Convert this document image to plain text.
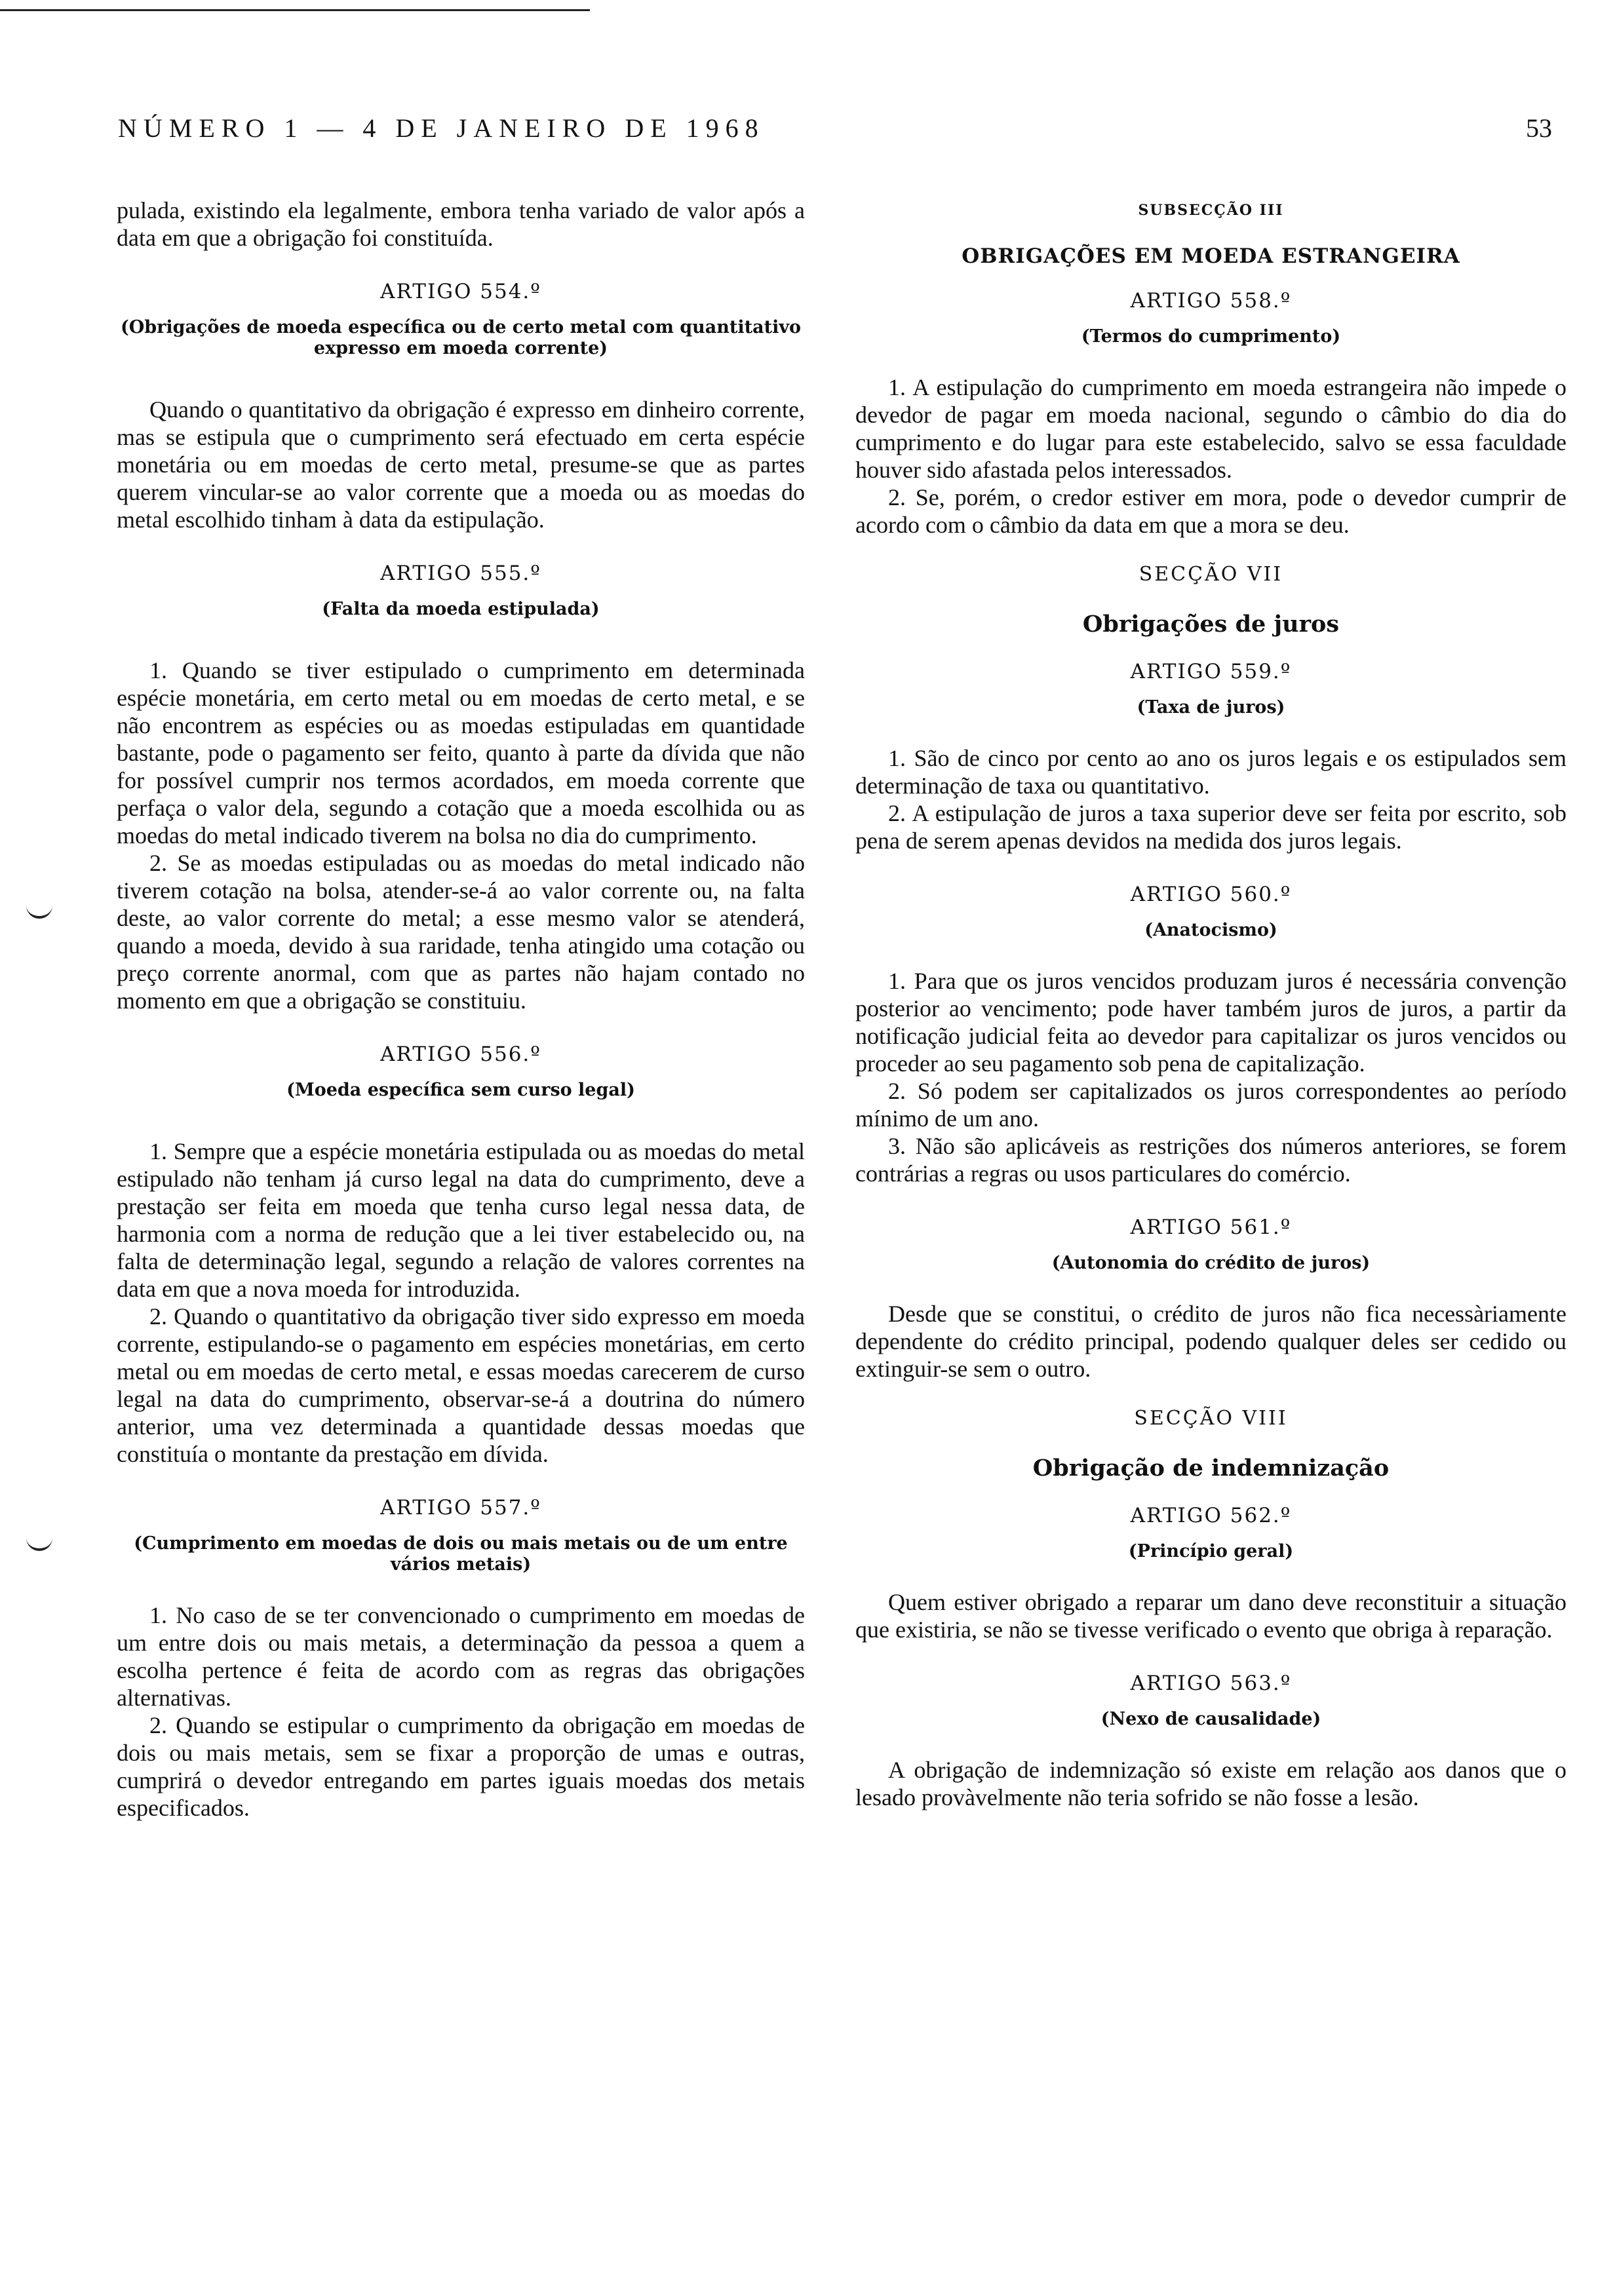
NÚMERO 1 — 4 DE JANEIRO DE 1968	53

pulada, existindo ela legalmente, embora tenha variado de valor após a data em que a obrigação foi constituída.

ARTIGO 554.º
(Obrigações de moeda específica ou de certo metal com quantitativo expresso em moeda corrente)

Quando o quantitativo da obrigação é expresso em dinheiro corrente, mas se estipula que o cumprimento será efectuado em certa espécie monetária ou em moedas de certo metal, presume-se que as partes querem vincular-se ao valor corrente que a moeda ou as moedas do metal escolhido tinham à data da estipulação.

ARTIGO 555.º
(Falta da moeda estipulada)

1. Quando se tiver estipulado o cumprimento em determinada espécie monetária, em certo metal ou em moedas de certo metal, e se não encontrem as espécies ou as moedas estipuladas em quantidade bastante, pode o pagamento ser feito, quanto à parte da dívida que não for possível cumprir nos termos acordados, em moeda corrente que perfaça o valor dela, segundo a cotação que a moeda escolhida ou as moedas do metal indicado tiverem na bolsa no dia do cumprimento.

2. Se as moedas estipuladas ou as moedas do metal indicado não tiverem cotação na bolsa, atender-se-á ao valor corrente ou, na falta deste, ao valor corrente do metal; a esse mesmo valor se atenderá, quando a moeda, devido à sua raridade, tenha atingido uma cotação ou preço corrente anormal, com que as partes não hajam contado no momento em que a obrigação se constituiu.

ARTIGO 556.º
(Moeda específica sem curso legal)

1. Sempre que a espécie monetária estipulada ou as moedas do metal estipulado não tenham já curso legal na data do cumprimento, deve a prestação ser feita em moeda que tenha curso legal nessa data, de harmonia com a norma de redução que a lei tiver estabelecido ou, na falta de determinação legal, segundo a relação de valores correntes na data em que a nova moeda for introduzida.

2. Quando o quantitativo da obrigação tiver sido expresso em moeda corrente, estipulando-se o pagamento em espécies monetárias, em certo metal ou em moedas de certo metal, e essas moedas carecerem de curso legal na data do cumprimento, observar-se-á a doutrina do número anterior, uma vez determinada a quantidade dessas moedas que constituía o montante da prestação em dívida.

ARTIGO 557.º
(Cumprimento em moedas de dois ou mais metais ou de um entre vários metais)

1. No caso de se ter convencionado o cumprimento em moedas de um entre dois ou mais metais, a determinação da pessoa a quem a escolha pertence é feita de acordo com as regras das obrigações alternativas.

2. Quando se estipular o cumprimento da obrigação em moedas de dois ou mais metais, sem se fixar a proporção de umas e outras, cumprirá o devedor entregando em partes iguais moedas dos metais especificados.

SUBSECÇÃO III
OBRIGAÇÕES EM MOEDA ESTRANGEIRA
ARTIGO 558.º
(Termos do cumprimento)

1. A estipulação do cumprimento em moeda estrangeira não impede o devedor de pagar em moeda nacional, segundo o câmbio do dia do cumprimento e do lugar para este estabelecido, salvo se essa faculdade houver sido afastada pelos interessados.

2. Se, porém, o credor estiver em mora, pode o devedor cumprir de acordo com o câmbio da data em que a mora se deu.

SECÇÃO VII
Obrigações de juros
ARTIGO 559.º
(Taxa de juros)

1. São de cinco por cento ao ano os juros legais e os estipulados sem determinação de taxa ou quantitativo.

2. A estipulação de juros a taxa superior deve ser feita por escrito, sob pena de serem apenas devidos na medida dos juros legais.

ARTIGO 560.º
(Anatocismo)

1. Para que os juros vencidos produzam juros é necessária convenção posterior ao vencimento; pode haver também juros de juros, a partir da notificação judicial feita ao devedor para capitalizar os juros vencidos ou proceder ao seu pagamento sob pena de capitalização.

2. Só podem ser capitalizados os juros correspondentes ao período mínimo de um ano.

3. Não são aplicáveis as restrições dos números anteriores, se forem contrárias a regras ou usos particulares do comércio.

ARTIGO 561.º
(Autonomia do crédito de juros)

Desde que se constitui, o crédito de juros não fica necessàriamente dependente do crédito principal, podendo qualquer deles ser cedido ou extinguir-se sem o outro.

SECÇÃO VIII
Obrigação de indemnização
ARTIGO 562.º
(Princípio geral)

Quem estiver obrigado a reparar um dano deve reconstituir a situação que existiria, se não se tivesse verificado o evento que obriga à reparação.

ARTIGO 563.º
(Nexo de causalidade)

A obrigação de indemnização só existe em relação aos danos que o lesado provàvelmente não teria sofrido se não fosse a lesão.
